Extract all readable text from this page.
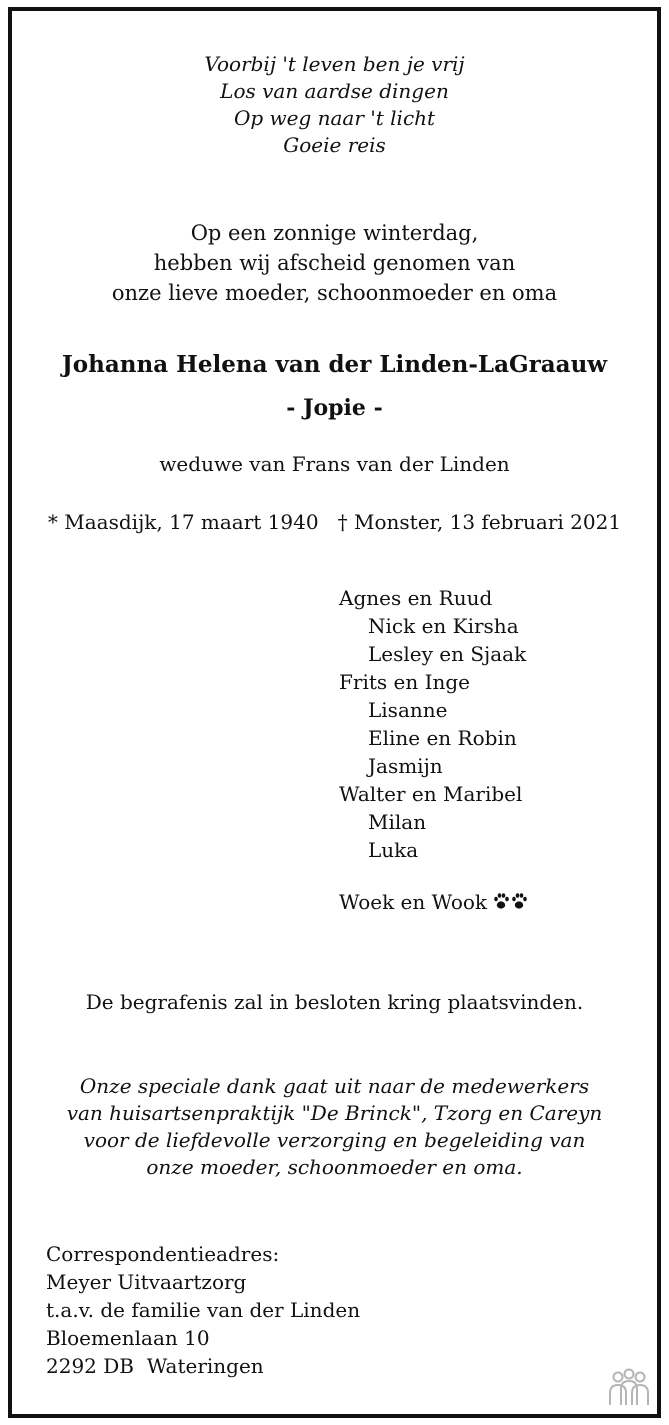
Voorbij 't leven ben je vrij
Los van aardse dingen
Op weg naar 't licht
Goeie reis
Op een zonnige winterdag,
hebben wij afscheid genomen van
onze lieve moeder, schoonmoeder en oma
Johanna Helena van der Linden-LaGraauw
- Jopie -
weduwe van Frans van der Linden
* Maasdijk, 17 maart 1940 † Monster, 13 februari 2021
Agnes en Ruud
Nick en Kirsha
Lesley en Sjaak
Frits en Inge
Lisanne
Eline en Robin
Jasmijn
Walter en Maribel
Milan
Luka
Woek en Wook
De begrafenis zal in besloten kring plaatsvinden.
Onze speciale dank gaat uit naar de medewerkers
van huisartsenpraktijk "De Brinck", Tzorg en Careyn
voor de liefdevolle verzorging en begeleiding van
onze moeder, schoonmoeder en oma.
Correspondentieadres:
Meyer Uitvaartzorg
t.a.v. de familie van der Linden
Bloemenlaan 10
2292 DB  Wateringen
